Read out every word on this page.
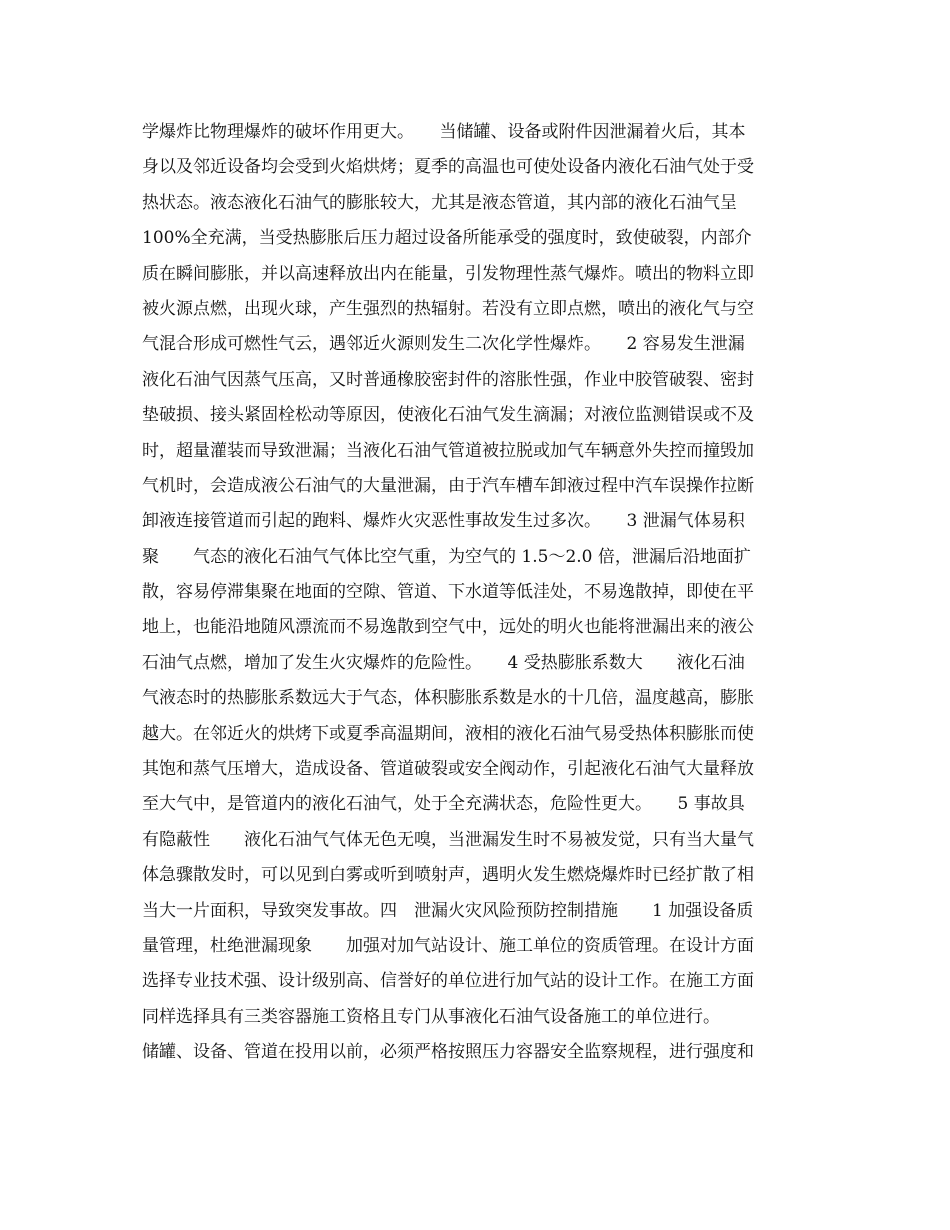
学爆炸比物理爆炸的破坏作用更大。　　当储罐、设备或附件因泄漏着火后，其本
身以及邻近设备均会受到火焰烘烤；夏季的高温也可使处设备内液化石油气处于受
热状态。液态液化石油气的膨胀较大，尤其是液态管道，其内部的液化石油气呈
100%全充满，当受热膨胀后压力超过设备所能承受的强度时，致使破裂，内部介
质在瞬间膨胀，并以高速释放出内在能量，引发物理性蒸气爆炸。喷出的物料立即
被火源点燃，出现火球，产生强烈的热辐射。若没有立即点燃，喷出的液化气与空
气混合形成可燃性气云，遇邻近火源则发生二次化学性爆炸。　　2 容易发生泄漏
液化石油气因蒸气压高，又时普通橡胶密封件的溶胀性强，作业中胶管破裂、密封
垫破损、接头紧固栓松动等原因，使液化石油气发生滴漏；对液位监测错误或不及
时，超量灌装而导致泄漏；当液化石油气管道被拉脱或加气车辆意外失控而撞毁加
气机时，会造成液公石油气的大量泄漏，由于汽车槽车卸液过程中汽车误操作拉断
卸液连接管道而引起的跑料、爆炸火灾恶性事故发生过多次。　　3 泄漏气体易积
聚　　气态的液化石油气气体比空气重，为空气的 1.5～2.0 倍，泄漏后沿地面扩
散，容易停滞集聚在地面的空隙、管道、下水道等低洼处，不易逸散掉，即使在平
地上，也能沿地随风漂流而不易逸散到空气中，远处的明火也能将泄漏出来的液公
石油气点燃，增加了发生火灾爆炸的危险性。　　4 受热膨胀系数大　　液化石油
气液态时的热膨胀系数远大于气态，体积膨胀系数是水的十几倍，温度越高，膨胀
越大。在邻近火的烘烤下或夏季高温期间，液相的液化石油气易受热体积膨胀而使
其饱和蒸气压增大，造成设备、管道破裂或安全阀动作，引起液化石油气大量释放
至大气中，是管道内的液化石油气，处于全充满状态，危险性更大。　　5 事故具
有隐蔽性　　液化石油气气体无色无嗅，当泄漏发生时不易被发觉，只有当大量气
体急骤散发时，可以见到白雾或听到喷射声，遇明火发生燃烧爆炸时已经扩散了相
当大一片面积，导致突发事故。四　泄漏火灾风险预防控制措施　　1 加强设备质
量管理，杜绝泄漏现象　　加强对加气站设计、施工单位的资质管理。在设计方面
选择专业技术强、设计级别高、信誉好的单位进行加气站的设计工作。在施工方面
同样选择具有三类容器施工资格且专门从事液化石油气设备施工的单位进行。
储罐、设备、管道在投用以前，必须严格按照压力容器安全监察规程，进行强度和
